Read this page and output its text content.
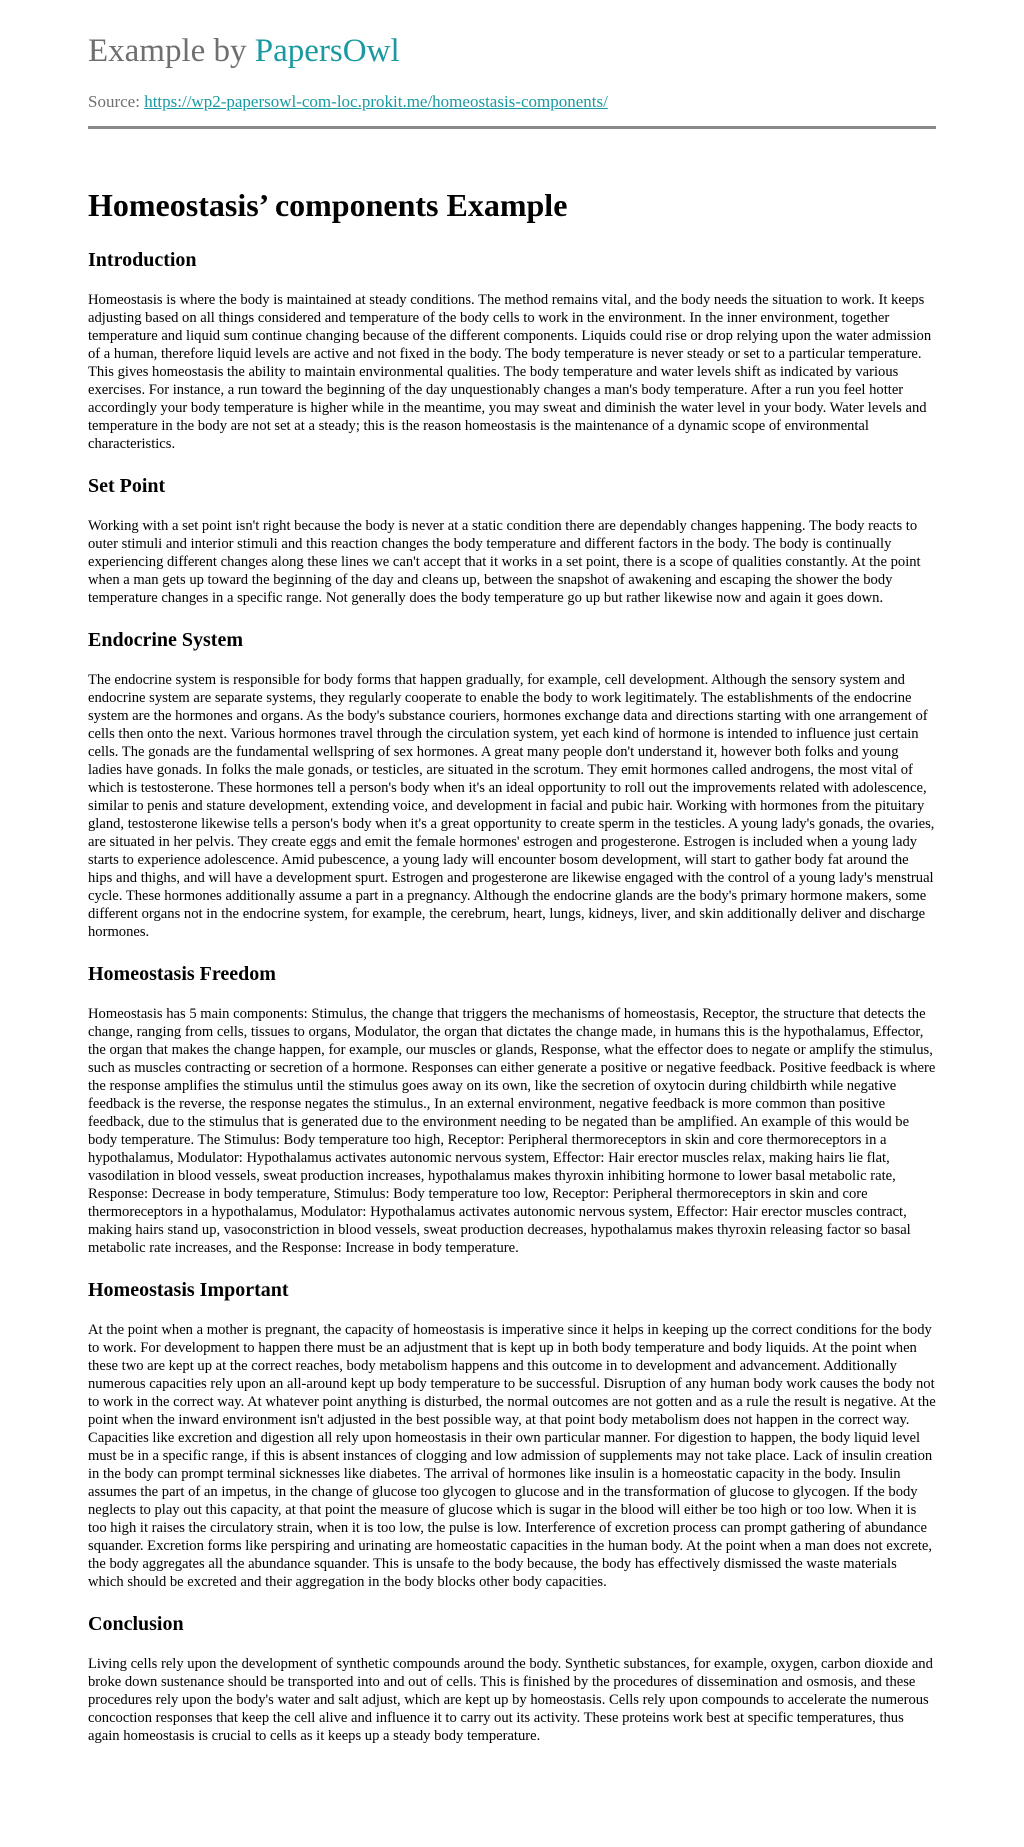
Example by PapersOwl
Source: https://wp2-papersowl-com-loc.prokit.me/homeostasis-components/
Homeostasis’ components Example
Introduction

Homeostasis is where the body is maintained at steady conditions. The method remains vital, and the body needs the situation to work. It keeps adjusting based on all things considered and temperature of the body cells to work in the environment. In the inner environment, together temperature and liquid sum continue changing because of the different components. Liquids could rise or drop relying upon the water admission of a human, therefore liquid levels are active and not fixed in the body. The body temperature is never steady or set to a particular temperature. This gives homeostasis the ability to maintain environmental qualities. The body temperature and water levels shift as indicated by various exercises. For instance, a run toward the beginning of the day unquestionably changes a man's body temperature. After a run you feel hotter accordingly your body temperature is higher while in the meantime, you may sweat and diminish the water level in your body. Water levels and temperature in the body are not set at a steady; this is the reason homeostasis is the maintenance of a dynamic scope of environmental characteristics.

Set Point

Working with a set point isn't right because the body is never at a static condition there are dependably changes happening. The body reacts to outer stimuli and interior stimuli and this reaction changes the body temperature and different factors in the body. The body is continually experiencing different changes along these lines we can't accept that it works in a set point, there is a scope of qualities constantly. At the point when a man gets up toward the beginning of the day and cleans up, between the snapshot of awakening and escaping the shower the body temperature changes in a specific range. Not generally does the body temperature go up but rather likewise now and again it goes down.

Endocrine System

The endocrine system is responsible for body forms that happen gradually, for example, cell development. Although the sensory system and endocrine system are separate systems, they regularly cooperate to enable the body to work legitimately. The establishments of the endocrine system are the hormones and organs. As the body's substance couriers, hormones exchange data and directions starting with one arrangement of cells then onto the next. Various hormones travel through the circulation system, yet each kind of hormone is intended to influence just certain cells. The gonads are the fundamental wellspring of sex hormones. A great many people don't understand it, however both folks and young ladies have gonads. In folks the male gonads, or testicles, are situated in the scrotum. They emit hormones called androgens, the most vital of which is testosterone. These hormones tell a person's body when it's an ideal opportunity to roll out the improvements related with adolescence, similar to penis and stature development, extending voice, and development in facial and pubic hair. Working with hormones from the pituitary gland, testosterone likewise tells a person's body when it's a great opportunity to create sperm in the testicles. A young lady's gonads, the ovaries, are situated in her pelvis. They create eggs and emit the female hormones' estrogen and progesterone. Estrogen is included when a young lady starts to experience adolescence. Amid pubescence, a young lady will encounter bosom development, will start to gather body fat around the hips and thighs, and will have a development spurt. Estrogen and progesterone are likewise engaged with the control of a young lady's menstrual cycle. These hormones additionally assume a part in a pregnancy. Although the endocrine glands are the body's primary hormone makers, some different organs not in the endocrine system, for example, the cerebrum, heart, lungs, kidneys, liver, and skin additionally deliver and discharge hormones.

Homeostasis Freedom

Homeostasis has 5 main components: Stimulus, the change that triggers the mechanisms of homeostasis, Receptor, the structure that detects the change, ranging from cells, tissues to organs, Modulator, the organ that dictates the change made, in humans this is the hypothalamus, Effector, the organ that makes the change happen, for example, our muscles or glands, Response, what the effector does to negate or amplify the stimulus, such as muscles contracting or secretion of a hormone. Responses can either generate a positive or negative feedback. Positive feedback is where the response amplifies the stimulus until the stimulus goes away on its own, like the secretion of oxytocin during childbirth while negative feedback is the reverse, the response negates the stimulus., In an external environment, negative feedback is more common than positive feedback, due to the stimulus that is generated due to the environment needing to be negated than be amplified. An example of this would be body temperature. The Stimulus: Body temperature too high, Receptor: Peripheral thermoreceptors in skin and core thermoreceptors in a hypothalamus, Modulator: Hypothalamus activates autonomic nervous system, Effector: Hair erector muscles relax, making hairs lie flat, vasodilation in blood vessels, sweat production increases, hypothalamus makes thyroxin inhibiting hormone to lower basal metabolic rate, Response: Decrease in body temperature, Stimulus: Body temperature too low, Receptor: Peripheral thermoreceptors in skin and core thermoreceptors in a hypothalamus, Modulator: Hypothalamus activates autonomic nervous system, Effector: Hair erector muscles contract, making hairs stand up, vasoconstriction in blood vessels, sweat production decreases, hypothalamus makes thyroxin releasing factor so basal metabolic rate increases, and the Response: Increase in body temperature.

Homeostasis Important

At the point when a mother is pregnant, the capacity of homeostasis is imperative since it helps in keeping up the correct conditions for the body to work. For development to happen there must be an adjustment that is kept up in both body temperature and body liquids. At the point when these two are kept up at the correct reaches, body metabolism happens and this outcome in to development and advancement. Additionally numerous capacities rely upon an all-around kept up body temperature to be successful. Disruption of any human body work causes the body not to work in the correct way. At whatever point anything is disturbed, the normal outcomes are not gotten and as a rule the result is negative. At the point when the inward environment isn't adjusted in the best possible way, at that point body metabolism does not happen in the correct way. Capacities like excretion and digestion all rely upon homeostasis in their own particular manner. For digestion to happen, the body liquid level must be in a specific range, if this is absent instances of clogging and low admission of supplements may not take place. Lack of insulin creation in the body can prompt terminal sicknesses like diabetes. The arrival of hormones like insulin is a homeostatic capacity in the body. Insulin assumes the part of an impetus, in the change of glucose too glycogen to glucose and in the transformation of glucose to glycogen. If the body neglects to play out this capacity, at that point the measure of glucose which is sugar in the blood will either be too high or too low. When it is too high it raises the circulatory strain, when it is too low, the pulse is low. Interference of excretion process can prompt gathering of abundance squander. Excretion forms like perspiring and urinating are homeostatic capacities in the human body. At the point when a man does not excrete, the body aggregates all the abundance squander. This is unsafe to the body because, the body has effectively dismissed the waste materials which should be excreted and their aggregation in the body blocks other body capacities.

Conclusion

Living cells rely upon the development of synthetic compounds around the body. Synthetic substances, for example, oxygen, carbon dioxide and broke down sustenance should be transported into and out of cells. This is finished by the procedures of dissemination and osmosis, and these procedures rely upon the body's water and salt adjust, which are kept up by homeostasis. Cells rely upon compounds to accelerate the numerous concoction responses that keep the cell alive and influence it to carry out its activity. These proteins work best at specific temperatures, thus again homeostasis is crucial to cells as it keeps up a steady body temperature.
